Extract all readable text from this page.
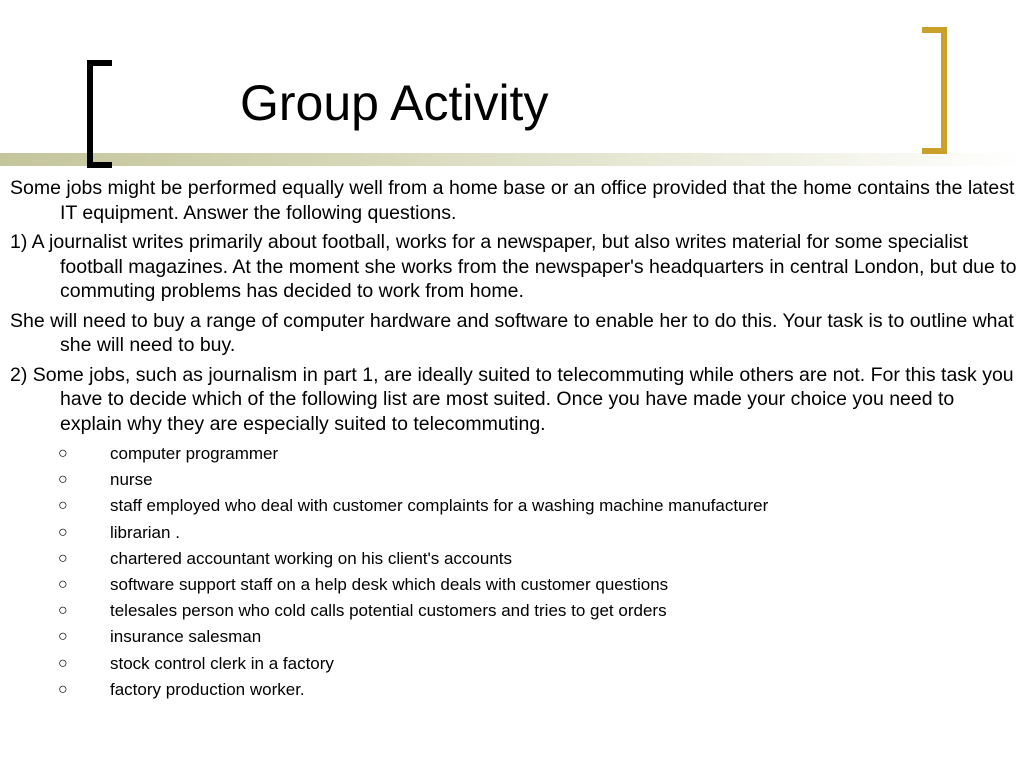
Group Activity

Some jobs might be performed equally well from a home base or an office provided that the home contains the latest IT equipment. Answer the following questions.

1) A journalist writes primarily about football, works for a newspaper, but also writes material for some specialist football magazines. At the moment she works from the newspaper's headquarters in central London, but due to commuting problems has decided to work from home.

She will need to buy a range of computer hardware and software to enable her to do this. Your task is to outline what she will need to buy.

2) Some jobs, such as journalism in part 1, are ideally suited to telecommuting while others are not. For this task you have to decide which of the following list are most suited. Once you have made your choice you need to explain why they are especially suited to telecommuting.

○ computer programmer
○ nurse
○ staff employed who deal with customer complaints for a washing machine manufacturer
○ librarian .
○ chartered accountant working on his client's accounts
○ software support staff on a help desk which deals with customer questions
○ telesales person who cold calls potential customers and tries to get orders
○ insurance salesman
○ stock control clerk in a factory
○ factory production worker.
